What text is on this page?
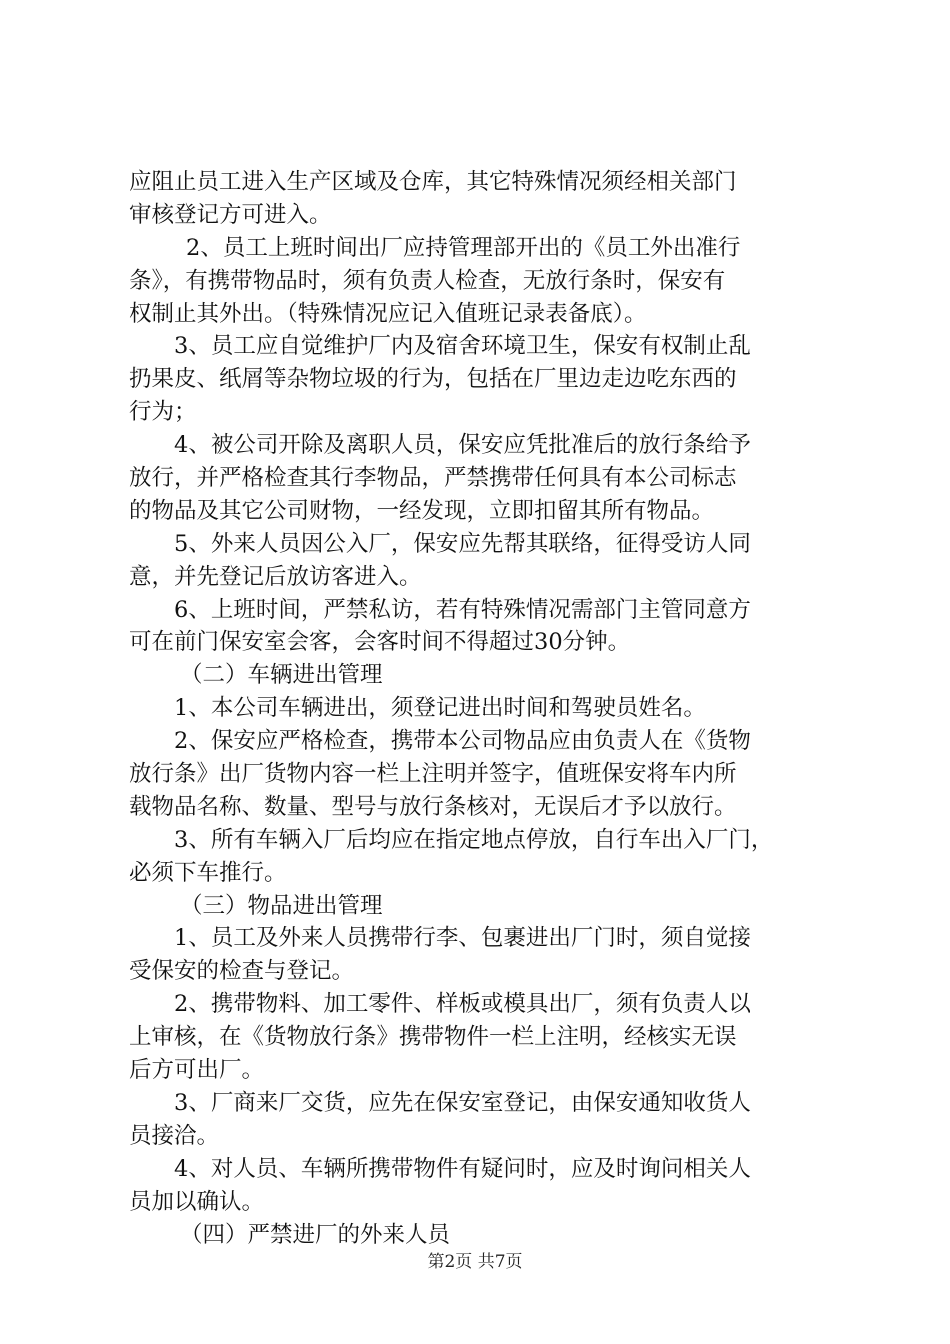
应阻止员工进入生产区域及仓库，其它特殊情况须经相关部门
审核登记方可进入。
2、员工上班时间出厂应持管理部开出的《员工外出准行
条》，有携带物品时，须有负责人检查，无放行条时，保安有
权制止其外出。（特殊情况应记入值班记录表备底）。
3、员工应自觉维护厂内及宿舍环境卫生，保安有权制止乱
扔果皮、纸屑等杂物垃圾的行为，包括在厂里边走边吃东西的
行为；
4、被公司开除及离职人员，保安应凭批准后的放行条给予
放行，并严格检查其行李物品，严禁携带任何具有本公司标志
的物品及其它公司财物，一经发现，立即扣留其所有物品。
5、外来人员因公入厂，保安应先帮其联络，征得受访人同
意，并先登记后放访客进入。
6、上班时间，严禁私访，若有特殊情况需部门主管同意方
可在前门保安室会客，会客时间不得超过30分钟。
（二）车辆进出管理
1、本公司车辆进出，须登记进出时间和驾驶员姓名。
2、保安应严格检查，携带本公司物品应由负责人在《货物
放行条》出厂货物内容一栏上注明并签字，值班保安将车内所
载物品名称、数量、型号与放行条核对，无误后才予以放行。
3、所有车辆入厂后均应在指定地点停放，自行车出入厂门，
必须下车推行。
（三）物品进出管理
1、员工及外来人员携带行李、包裹进出厂门时，须自觉接
受保安的检查与登记。
2、携带物料、加工零件、样板或模具出厂，须有负责人以
上审核，在《货物放行条》携带物件一栏上注明，经核实无误
后方可出厂。
3、厂商来厂交货，应先在保安室登记，由保安通知收货人
员接洽。
4、对人员、车辆所携带物件有疑问时，应及时询问相关人
员加以确认。
（四）严禁进厂的外来人员
第2页 共7页
